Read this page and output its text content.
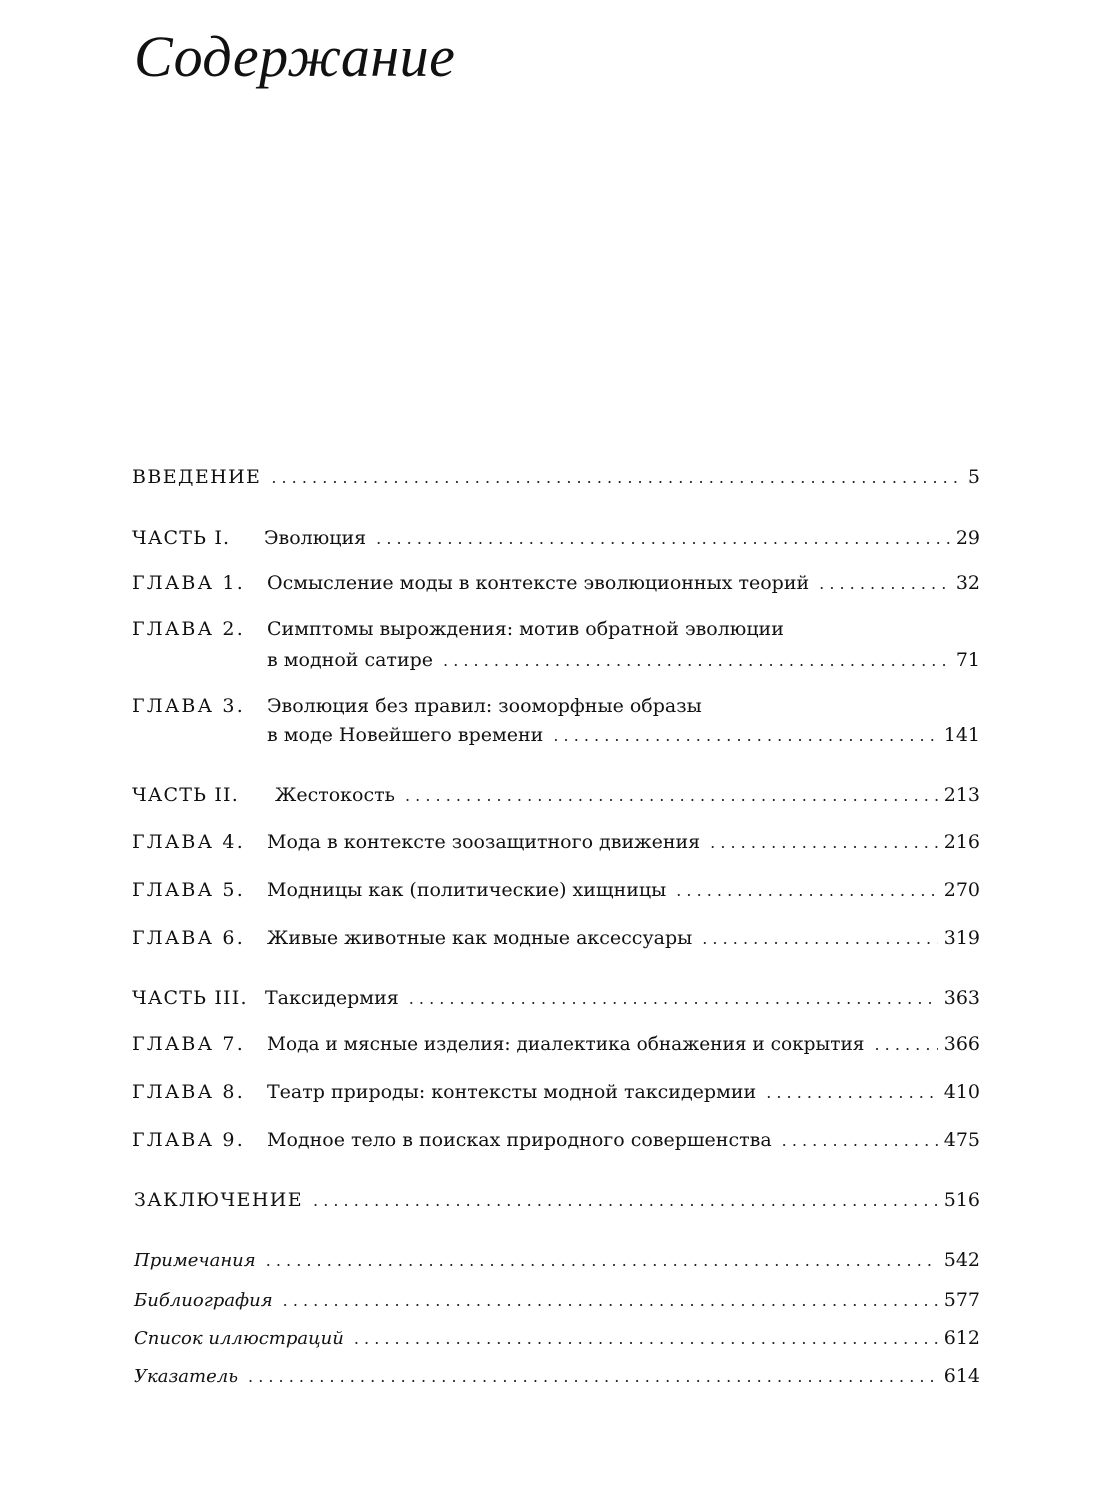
Содержание
ВВЕДЕНИЕ . . .	5
ЧАСТЬ I.	Эволюция . . .	29
ГЛАВА 1.	Осмысление моды в контексте эволюционных теорий . . .	32
ГЛАВА 2.	Симптомы вырождения: мотив обратной эволюции
в модной сатире . . .	71
ГЛАВА 3.	Эволюция без правил: зооморфные образы
в моде Новейшего времени . . .	141
ЧАСТЬ II.	Жестокость . . .	213
ГЛАВА 4.	Мода в контексте зоозащитного движения . . .	216
ГЛАВА 5.	Модницы как (политические) хищницы . . .	270
ГЛАВА 6.	Живые животные как модные аксессуары . . .	319
ЧАСТЬ III. Таксидермия . . .	363
ГЛАВА 7.	Мода и мясные изделия: диалектика обнажения и сокрытия . . .	366
ГЛАВА 8.	Театр природы: контексты модной таксидермии . . .	410
ГЛАВА 9.	Модное тело в поисках природного совершенства . . .	475
ЗАКЛЮЧЕНИЕ . . .	516
Примечания . . .	542
Библиография . . .	577
Список иллюстраций . . .	612
Указатель . . .	614
